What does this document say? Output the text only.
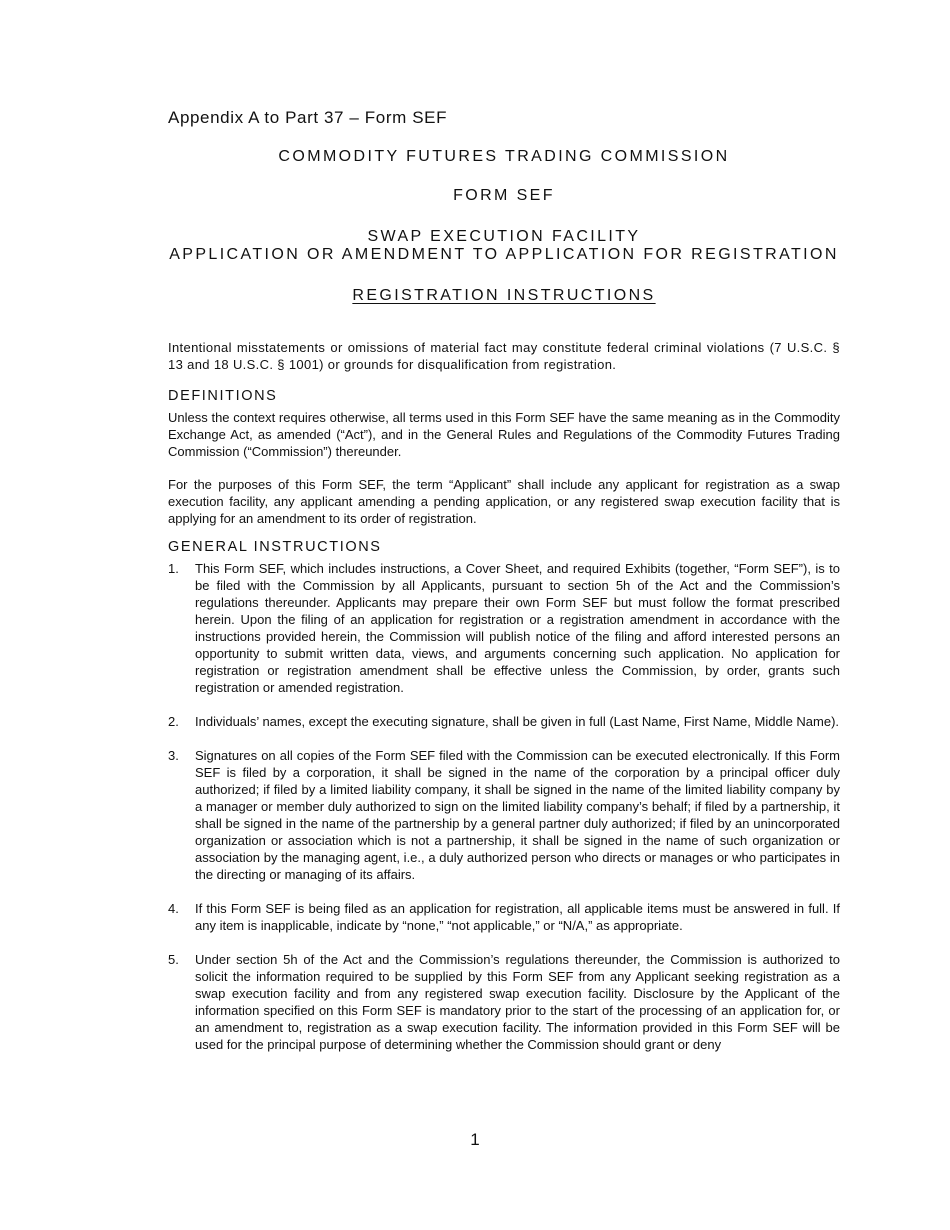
Appendix A to Part 37 – Form SEF
COMMODITY FUTURES TRADING COMMISSION
FORM SEF
SWAP EXECUTION FACILITY
APPLICATION OR AMENDMENT TO APPLICATION FOR REGISTRATION
REGISTRATION INSTRUCTIONS

Intentional misstatements or omissions of material fact may constitute federal criminal violations (7 U.S.C. § 13 and 18 U.S.C. § 1001) or grounds for disqualification from registration.

DEFINITIONS

Unless the context requires otherwise, all terms used in this Form SEF have the same meaning as in the Commodity Exchange Act, as amended (“Act”), and in the General Rules and Regulations of the Commodity Futures Trading Commission (“Commission”) thereunder.

For the purposes of this Form SEF, the term “Applicant” shall include any applicant for registration as a swap execution facility, any applicant amending a pending application, or any registered swap execution facility that is applying for an amendment to its order of registration.

GENERAL INSTRUCTIONS
1. This Form SEF, which includes instructions, a Cover Sheet, and required Exhibits (together, “Form SEF”), is to be filed with the Commission by all Applicants, pursuant to section 5h of the Act and the Commission’s regulations thereunder. Applicants may prepare their own Form SEF but must follow the format prescribed herein. Upon the filing of an application for registration or a registration amendment in accordance with the instructions provided herein, the Commission will publish notice of the filing and afford interested persons an opportunity to submit written data, views, and arguments concerning such application. No application for registration or registration amendment shall be effective unless the Commission, by order, grants such registration or amended registration.
2. Individuals’ names, except the executing signature, shall be given in full (Last Name, First Name, Middle Name).
3. Signatures on all copies of the Form SEF filed with the Commission can be executed electronically. If this Form SEF is filed by a corporation, it shall be signed in the name of the corporation by a principal officer duly authorized; if filed by a limited liability company, it shall be signed in the name of the limited liability company by a manager or member duly authorized to sign on the limited liability company’s behalf; if filed by a partnership, it shall be signed in the name of the partnership by a general partner duly authorized; if filed by an unincorporated organization or association which is not a partnership, it shall be signed in the name of such organization or association by the managing agent, i.e., a duly authorized person who directs or manages or who participates in the directing or managing of its affairs.
4. If this Form SEF is being filed as an application for registration, all applicable items must be answered in full. If any item is inapplicable, indicate by “none,” “not applicable,” or “N/A,” as appropriate.
5. Under section 5h of the Act and the Commission’s regulations thereunder, the Commission is authorized to solicit the information required to be supplied by this Form SEF from any Applicant seeking registration as a swap execution facility and from any registered swap execution facility. Disclosure by the Applicant of the information specified on this Form SEF is mandatory prior to the start of the processing of an application for, or an amendment to, registration as a swap execution facility. The information provided in this Form SEF will be used for the principal purpose of determining whether the Commission should grant or deny
1
